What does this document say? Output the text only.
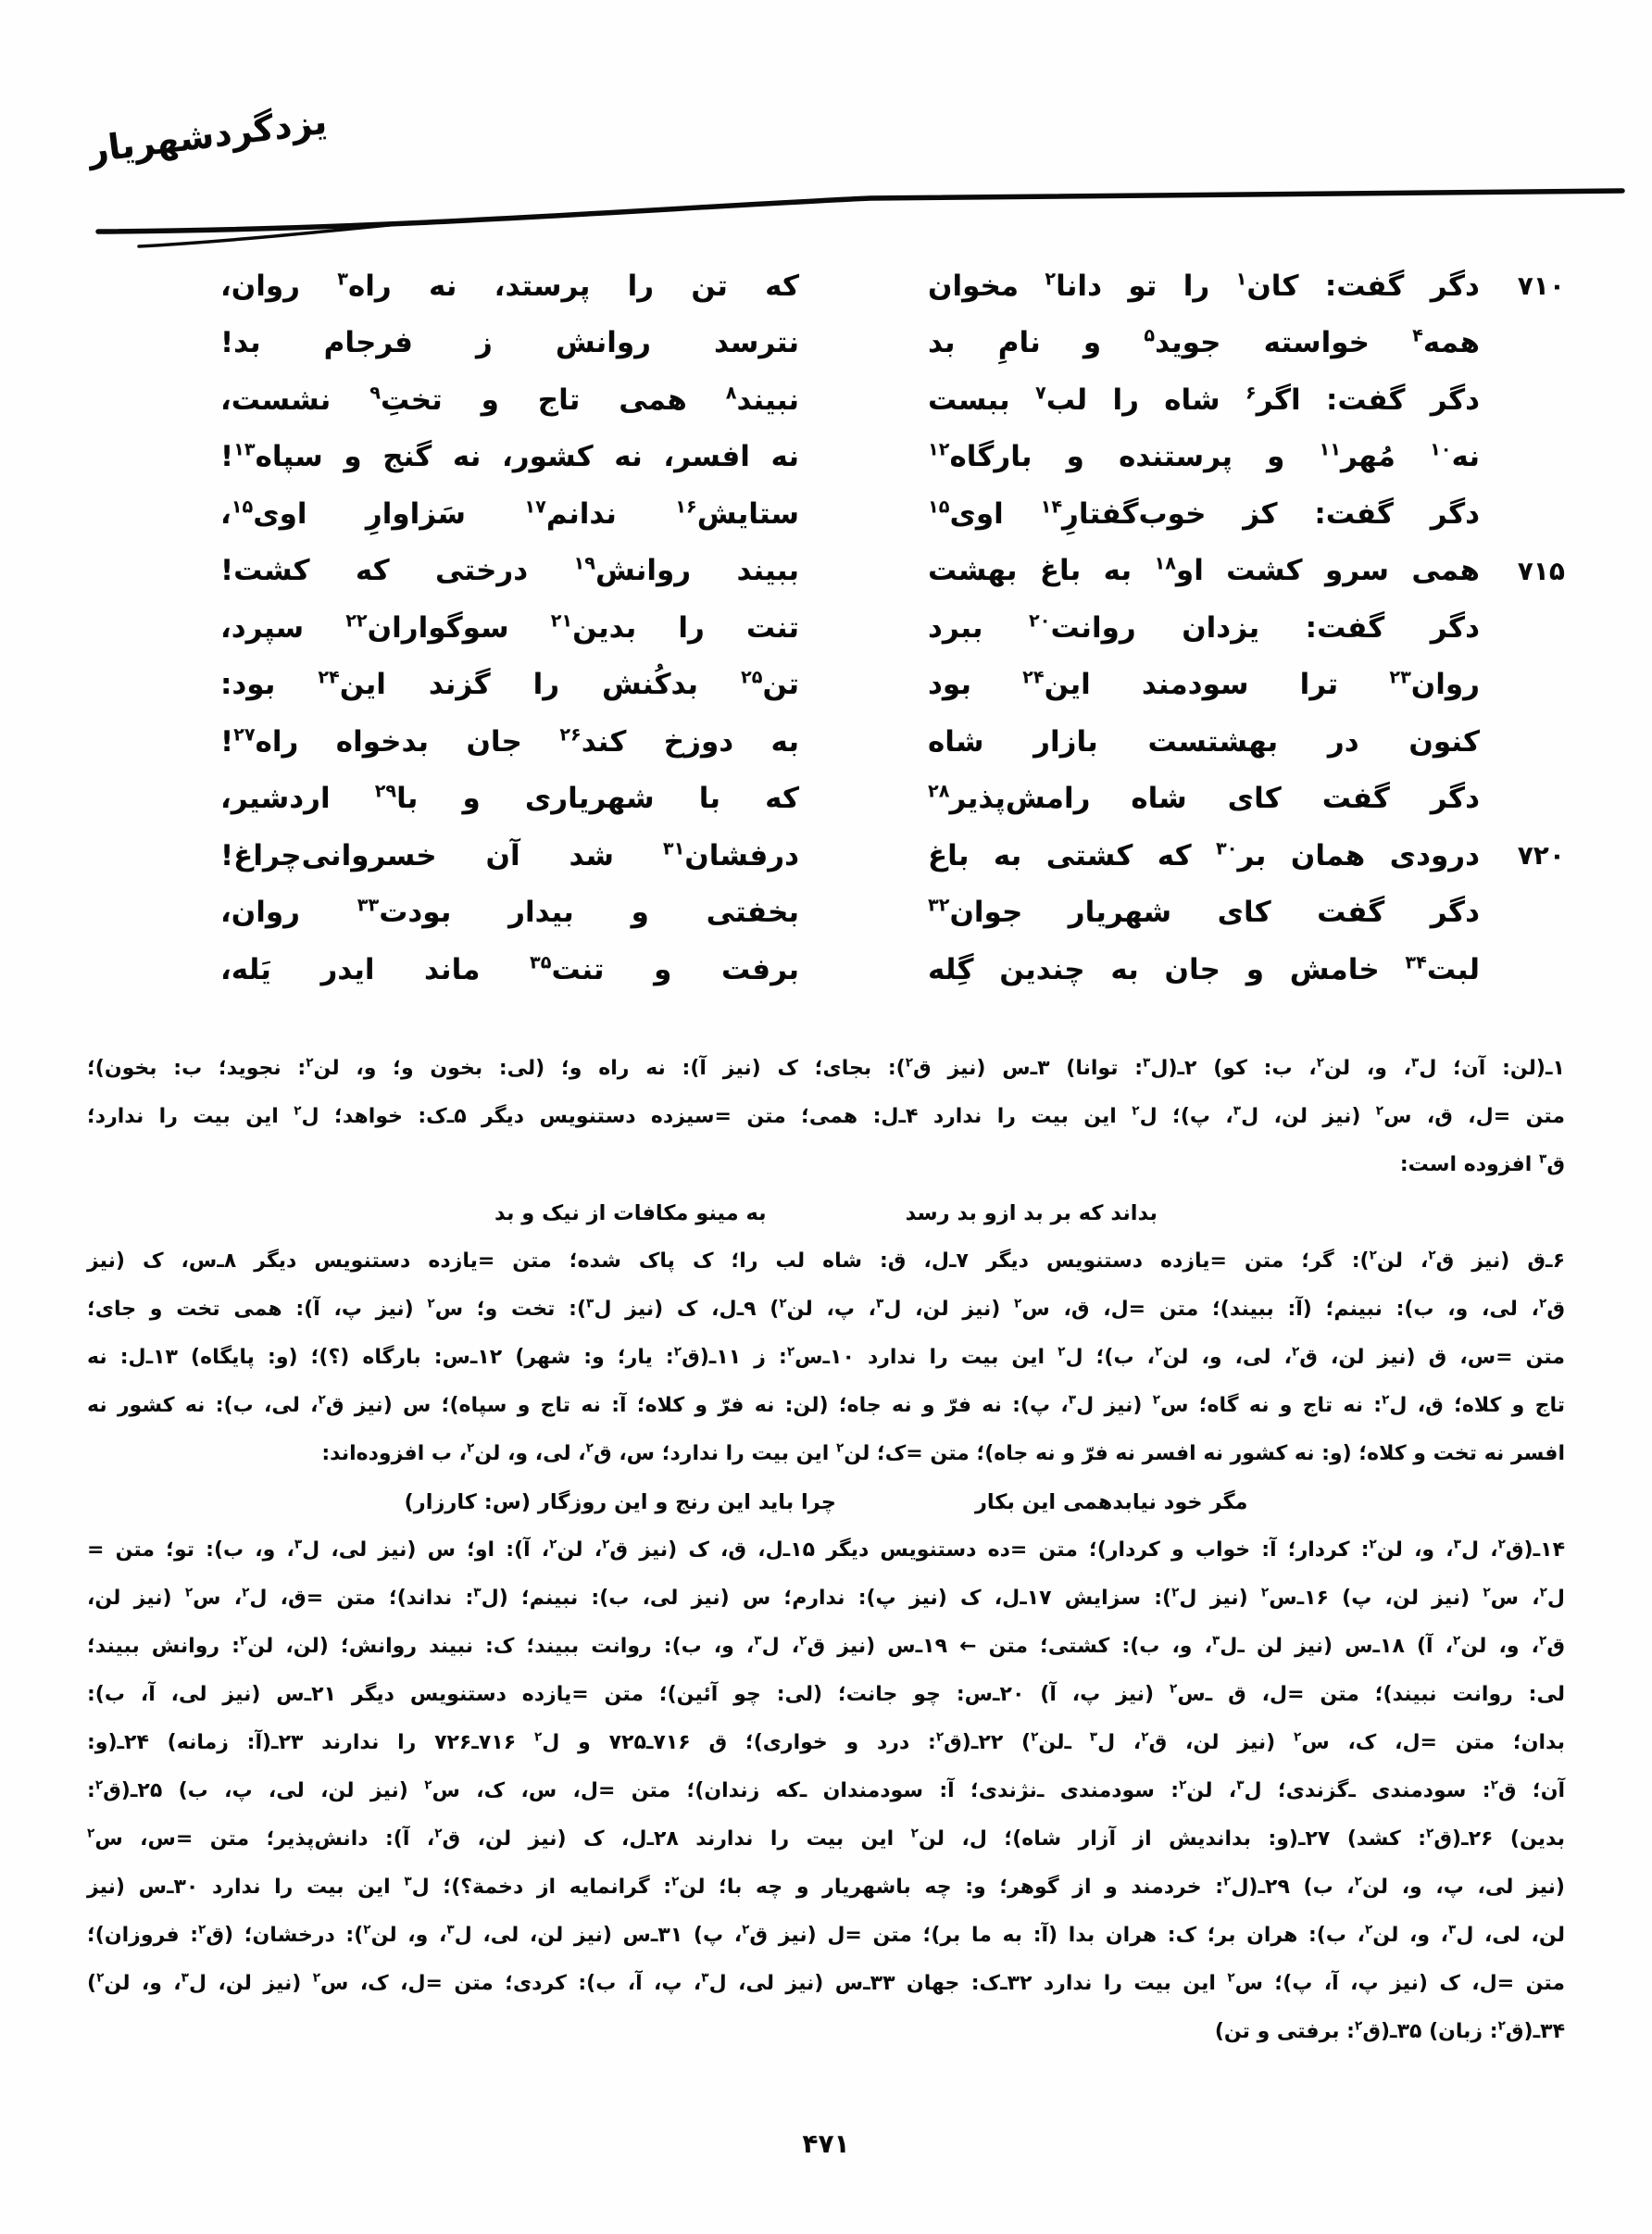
یزدگردشهریار
۷۱۰
دگر گفت: کان$^۱$ را تو دانا$^۲$ مخوان
که تن را پرستد، نه راه$^۳$ روان،
همه$^۴$ خواسته جوید$^۵$ و نامِ بد
نترسد روانش ز فرجام بد!
دگر گفت: اگر$^۶$ شاه را لب$^۷$ ببست
نبیند$^۸$ همی تاج و تختِ$^۹$ نشست،
نه$^{۱۰}$ مُهر$^{۱۱}$ و پرستنده و بارگاه$^{۱۲}$
نه افسر، نه کشور، نه گنج و سپاه$^{۱۳}$!
دگر گفت: کز خوب‌گفتارِ$^{۱۴}$ اوی$^{۱۵}$
ستایش$^{۱۶}$ ندانم$^{۱۷}$ سَزاوارِ اوی$^{۱۵}$،
۷۱۵
همی سرو کشت او$^{۱۸}$ به باغ بهشت
ببیند روانش$^{۱۹}$ درختی که کشت!
دگر گفت: یزدان روانت$^{۲۰}$ ببرد
تنت را بدین$^{۲۱}$ سوگواران$^{۲۲}$ سپرد،
روان$^{۲۳}$ ترا سودمند این$^{۲۴}$ بود
تن$^{۲۵}$ بدکُنش را گزند این$^{۲۴}$ بود:
کنون در بهشتست بازار شاه
به دوزخ کند$^{۲۶}$ جان بدخواه راه$^{۲۷}$!
دگر گفت کای شاه رامش‌پذیر$^{۲۸}$
که با شهریاری و با$^{۲۹}$ اردشیر،
۷۲۰
درودی همان بر$^{۳۰}$ که کشتی به باغ
درفشان$^{۳۱}$ شد آن خسروانی‌چراغ!
دگر گفت کای شهریار جوان$^{۳۲}$
بخفتی و بیدار بودت$^{۳۳}$ روان،
لبت$^{۳۴}$ خامش و جان به چندین گِله
برفت و تنت$^{۳۵}$ ماند ایدر یَله،
۱ـ(لن: آن؛ ل$^۳$، و، لن$^۲$، ب: کو) ۲ـ(ل$^۳$: توانا) ۳ـ‌س (نیز ق$^۲$): بجای؛ ک (نیز آ): نه راه و؛ (لی: بخون و؛ و، لن$^۲$: نجوید؛ ب: بخون)؛
متن =ل، ق، س$^۲$ (نیز لن، ل$^۳$، پ)؛ ل$^۲$ این بیت را ندارد ۴ـ‌ل: همی؛ متن =سیزده دستنویس دیگر ۵ـ‌ک: خواهد؛ ل$^۲$ این بیت را ندارد؛
ق$^۳$ افزوده است:
بداند که بر بد ازو بد رسد
به مینو مکافات از نیک و بد
۶ـ‌ق (نیز ق$^۲$، لن$^۲$): گر؛ متن =یازده دستنویس دیگر ۷ـ‌ل، ق: شاه لب را؛ ک پاک شده؛ متن =یازده دستنویس دیگر ۸ـ‌س، ک (نیز
ق$^۲$، لی، و، ب): نبینم؛ (آ: ببیند)؛ متن =ل، ق، س$^۲$ (نیز لن، ل$^۳$، پ، لن$^۲$) ۹ـ‌ل، ک (نیز ل$^۳$): تخت و؛ س$^۲$ (نیز پ، آ): همی تخت و جای؛
متن =س، ق (نیز لن، ق$^۲$، لی، و، لن$^۲$، ب)؛ ل$^۲$ این بیت را ندارد ۱۰ـ‌س$^۲$: ز ۱۱ـ(ق$^۲$: یار؛ و: شهر) ۱۲ـ‌س: بارگاه (؟)؛ (و: پایگاه) ۱۳ـ‌ل: نه
تاج و کلاه؛ ق، ل$^۲$: نه تاج و نه گاه؛ س$^۲$ (نیز ل$^۳$، پ): نه فرّ و نه جاه؛ (لن: نه فرّ و کلاه؛ آ: نه تاج و سپاه)؛ س (نیز ق$^۲$، لی، ب): نه کشور نه
افسر نه تخت و کلاه؛ (و: نه کشور نه افسر نه فرّ و نه جاه)؛ متن =ک؛ لن$^۲$ این بیت را ندارد؛ س، ق$^۲$، لی، و، لن$^۲$، ب افزوده‌اند:
مگر خود نیابدهمی این بکار
چرا باید این رنج و این روزگار (س: کارزار)
۱۴ـ(ق$^۲$، ل$^۳$، و، لن$^۲$: کردار؛ آ: خواب و کردار)؛ متن =ده دستنویس دیگر ۱۵ـ‌ل، ق، ک (نیز ق$^۲$، لن$^۲$، آ): او؛ س (نیز لی، ل$^۳$، و، ب): تو؛ متن =
ل$^۲$، س$^۲$ (نیز لن، پ) ۱۶ـ‌س$^۲$ (نیز ل$^۲$): سزایش ۱۷ـ‌ل، ک (نیز پ): ندارم؛ س (نیز لی، ب): نبینم؛ (ل$^۳$: نداند)؛ متن =ق، ل$^۲$، س$^۲$ (نیز لن،
ق$^۲$، و، لن$^۲$، آ) ۱۸ـ‌س (نیز لن ـ‌ل$^۳$، و، ب): کشتی؛ متن ← ۱۹ـ‌س (نیز ق$^۲$، ل$^۳$، و، ب): روانت ببیند؛ ک: نبیند روانش؛ (لن، لن$^۲$: روانش ببیند؛
لی: روانت نبیند)؛ متن =ل، ق ـ‌س$^۲$ (نیز پ، آ) ۲۰ـ‌س: چو جانت؛ (لی: چو آئین)؛ متن =یازده دستنویس دیگر ۲۱ـ‌س (نیز لی، آ، ب):
بدان؛ متن =ل، ک، س$^۲$ (نیز لن، ق$^۲$، ل$^۳$ ـ‌لن$^۲$) ۲۲ـ(ق$^۲$: درد و خواری)؛ ق ۷۱۶ـ۷۲۵ و ل$^۲$ ۷۱۶ـ۷۲۶ را ندارند ۲۳ـ(آ: زمانه) ۲۴ـ(و:
آن؛ ق$^۲$: سودمندی ـ‌گزندی؛ ل$^۳$، لن$^۲$: سودمندی ـ‌نژندی؛ آ: سودمندان ـ‌که زندان)؛ متن =ل، س، ک، س$^۲$ (نیز لن، لی، پ، ب) ۲۵ـ(ق$^۲$:
بدین) ۲۶ـ(ق$^۲$: کشد) ۲۷ـ(و: بداندیش از آزار شاه)؛ ل، لن$^۲$ این بیت را ندارند ۲۸ـ‌ل، ک (نیز لن، ق$^۲$، آ): دانش‌پذیر؛ متن =س، س$^۲$
(نیز لی، پ، و، لن$^۲$، ب) ۲۹ـ(ل$^۲$: خردمند و از گوهر؛ و: چه باشهریار و چه با؛ لن$^۲$: گرانمایه از دخمة؟)؛ ل$^۳$ این بیت را ندارد ۳۰ـ‌س (نیز
لن، لی، ل$^۳$، و، لن$^۲$، ب): هران بر؛ ک: هران بدا (آ: به ما بر)؛ متن =ل (نیز ق$^۲$، پ) ۳۱ـ‌س (نیز لن، لی، ل$^۳$، و، لن$^۲$): درخشان؛ (ق$^۲$: فروزان)؛
متن =ل، ک (نیز پ، آ، پ)؛ س$^۲$ این بیت را ندارد ۳۲ـ‌ک: جهان ۳۳ـ‌س (نیز لی، ل$^۳$، پ، آ، ب): کردی؛ متن =ل، ک، س$^۲$ (نیز لن، ل$^۳$، و، لن$^۲$)
۳۴ـ(ق$^۲$: زبان) ۳۵ـ(ق$^۲$: برفتی و تن)
۴۷۱
